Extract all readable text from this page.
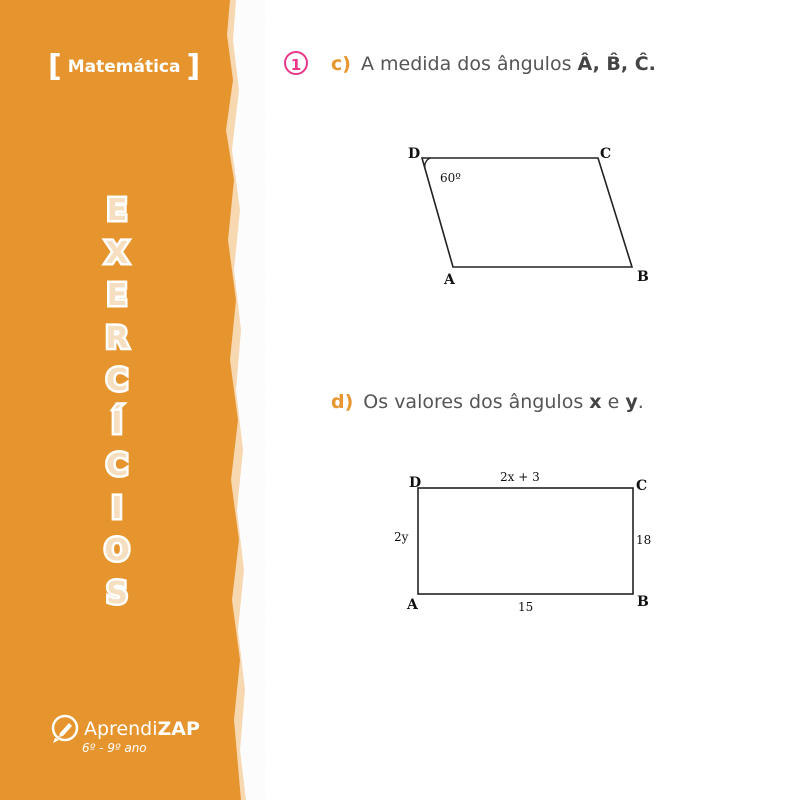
[ Matemática ]
E
X
E
R
C
Í
C
I
O
S
AprendiZAP
6º - 9º ano
1	c) A medida dos ângulos
Â, B̂, Ĉ.
D	C
A	B
60º
d) Os valores dos ângulos
x
e
y .
D	C
A	B
2x + 3
2y	18
15
